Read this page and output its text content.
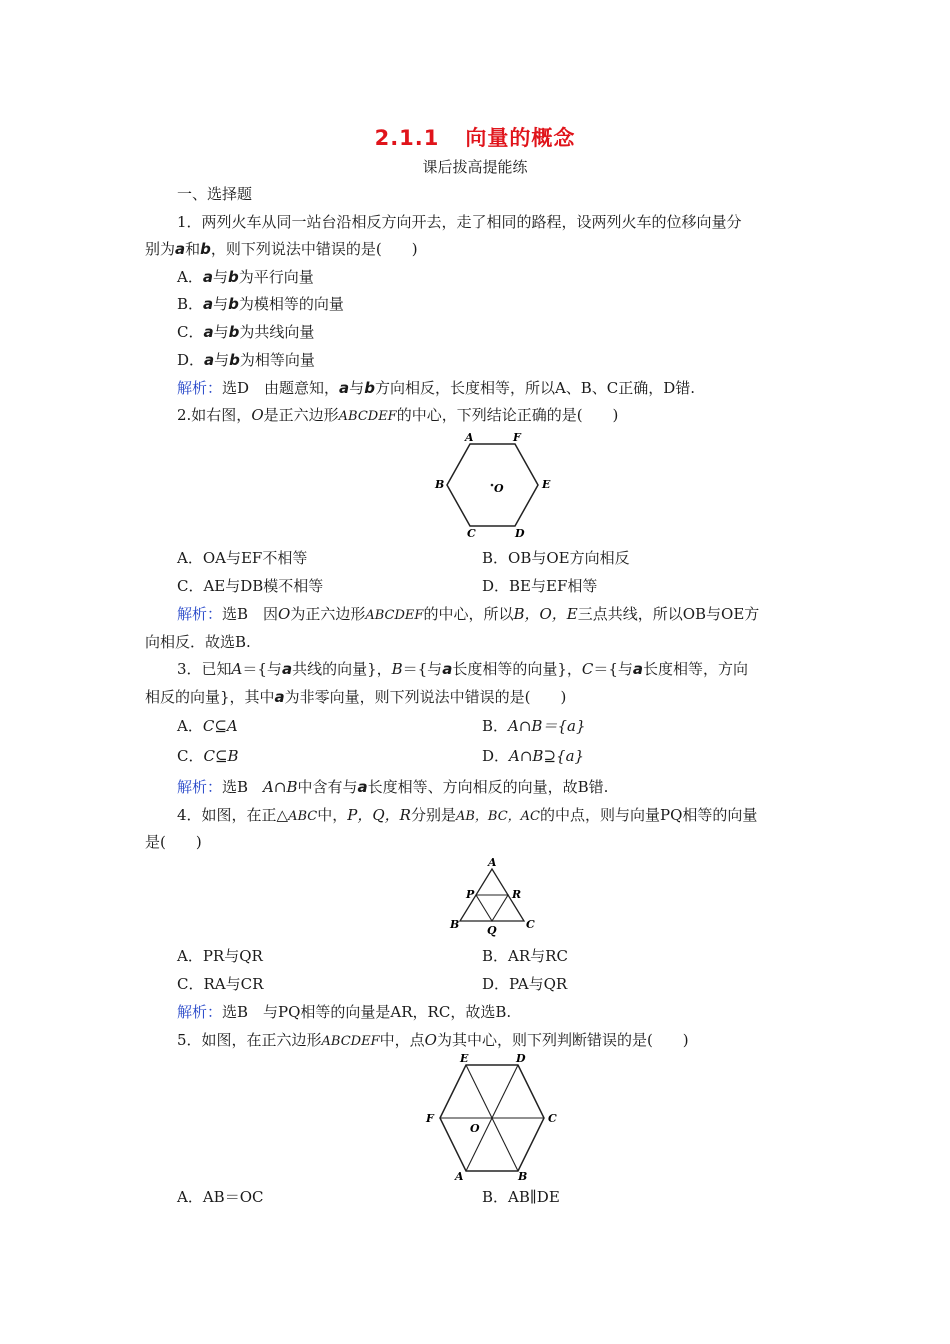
2.1.1 向量的概念
课后拔高提能练
一、选择题
1．两列火车从同一站台沿相反方向开去，走了相同的路程，设两列火车的位移向量分
别为a和b，则下列说法中错误的是(　　)
A．a与b为平行向量
B．a与b为模相等的向量
C．a与b为共线向量
D．a与b为相等向量
解析：选D　由题意知，a与b方向相反，长度相等，所以A、B、C正确，D错.
2.如右图，O是正六边形ABCDEF的中心，下列结论正确的是(　　)
A	F
B	E
C	D
O
A．OA与EF不相等	B．OB与OE方向相反
C．AE与DB模不相等	D．BE与EF相等
解析：选B　因O为正六边形ABCDEF的中心，所以B，O，E三点共线，所以OB与OE方
向相反．故选B.
3．已知A＝{与a共线的向量}，B＝{与a长度相等的向量}，C＝{与a长度相等，方向
相反的向量}，其中a为非零向量，则下列说法中错误的是(　　)
A．C⊆A	B．A∩B＝{a}
C．C⊆B	D．A∩B⊇{a}
解析：选B　A∩B中含有与a长度相等、方向相反的向量，故B错.
4．如图，在正△ABC中，P，Q，R分别是AB，BC，AC的中点，则与向量PQ相等的向量
是(　　)
A
P	R
B	Q	C
A．PR与QR	B．AR与RC
C．RA与CR	D．PA与QR
解析：选B　与PQ相等的向量是AR，RC，故选B.
5．如图，在正六边形ABCDEF中，点O为其中心，则下列判断错误的是(　　)
E	D
F	C
O
A	B
A．AB＝OC	B．AB∥DE
